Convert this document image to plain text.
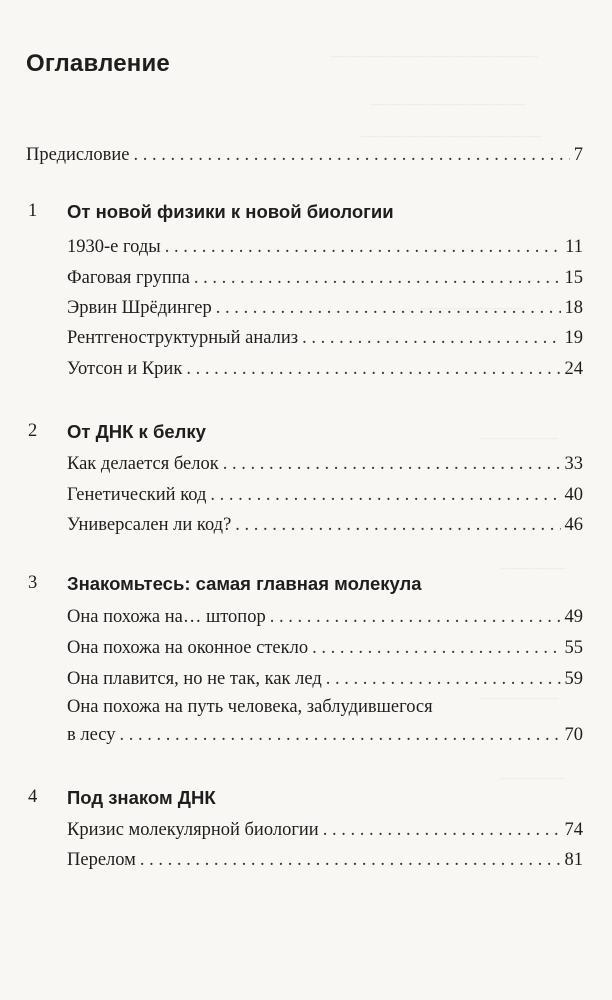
————————————————
————————————
——————————————
————————
——————
—————
——————
—————
Оглавление
Предисловие . . .	7
1 От новой физики к новой биологии
1930-е годы . . .	11
Фаговая группа . . .	15
Эрвин Шрёдингер . . .	18
Рентгеноструктурный анализ . . .	19
Уотсон и Крик . . .	24
2 От ДНК к белку
Как делается белок . . .	33
Генетический код . . .	40
Универсален ли код? . . .	46
3 Знакомьтесь: самая главная молекула
Она похожа на… штопор . . .	49
Она похожа на оконное стекло . . .	55
Она плавится, но не так, как лед . . .	59
Она похожа на путь человека, заблудившегося
в лесу . . .	70
4 Под знаком ДНК
Кризис молекулярной биологии . . .	74
Перелом . . .	81
